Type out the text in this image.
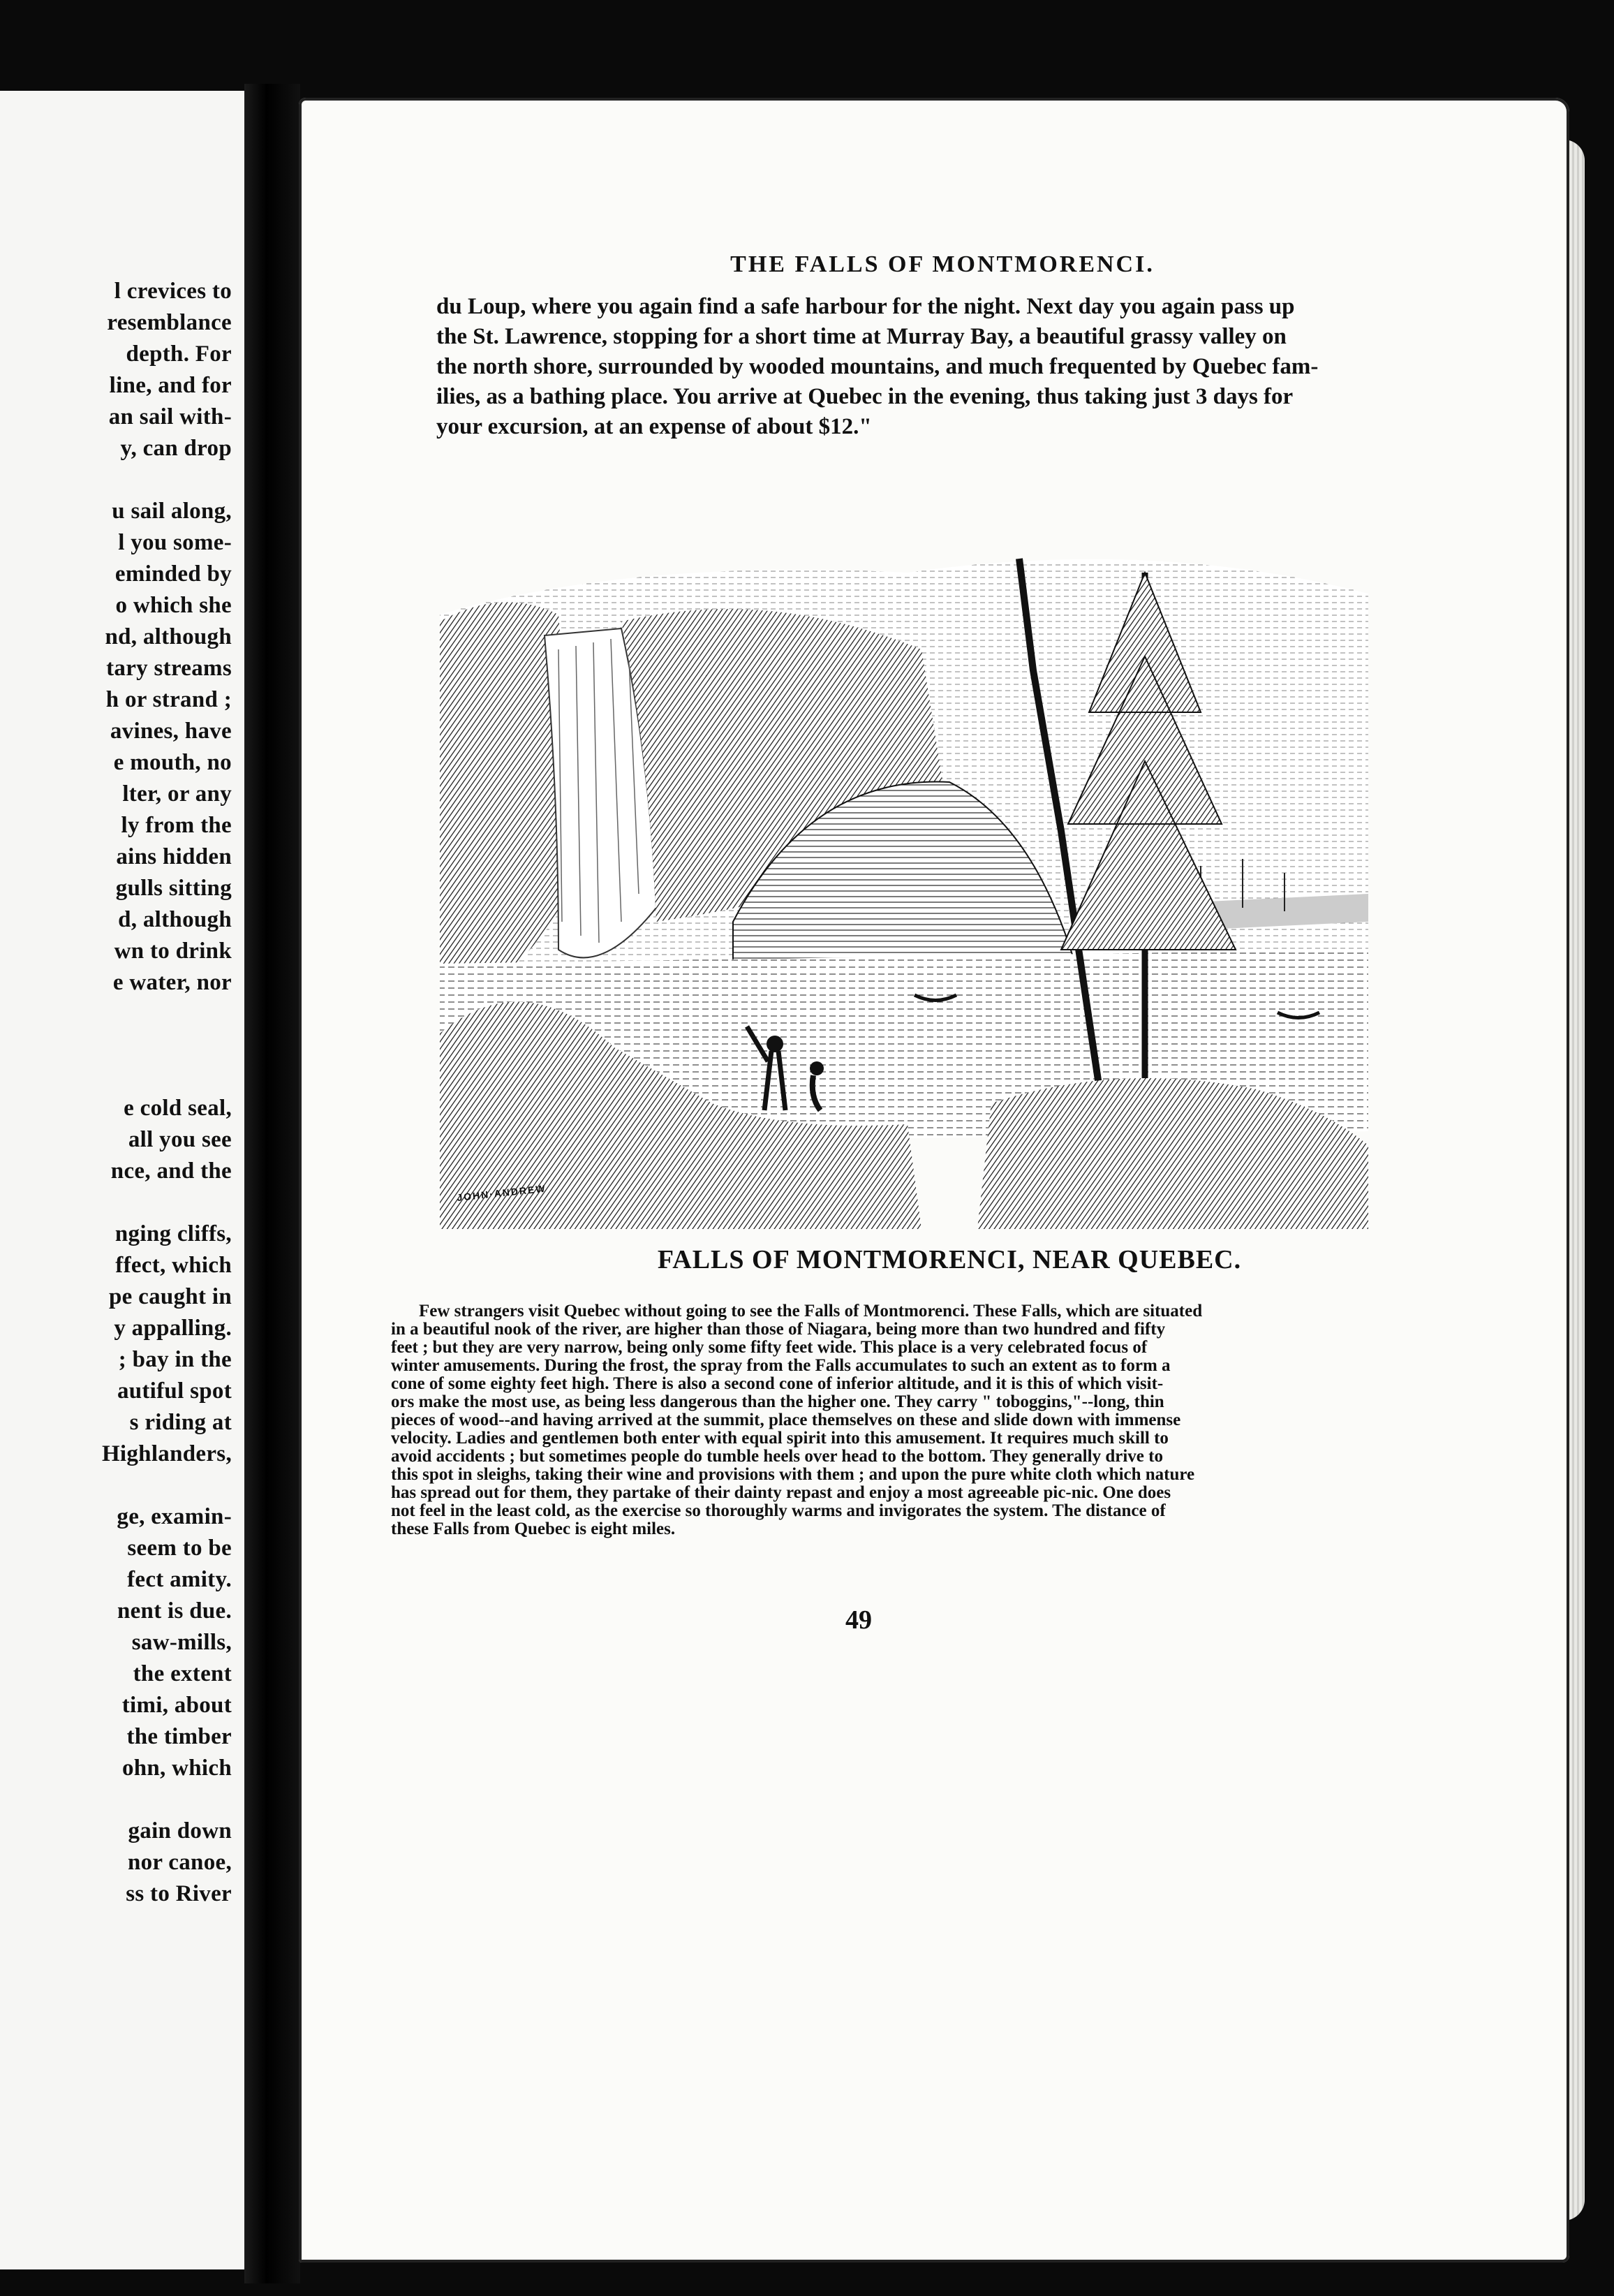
l crevices to
resemblance
depth. For
line, and for
an sail with-
y, can drop
u sail along,
l you some-
eminded by
o which she
nd, although
tary streams
h or strand ;
avines, have
e mouth, no
lter, or any
ly from the
ains hidden
gulls sitting
d, although
wn to drink
e water, nor
e cold seal,
all you see
nce, and the
nging cliffs,
ffect, which
pe caught in
y appalling.
; bay in the
autiful spot
s riding at
Highlanders,
ge, examin-
seem to be
fect amity.
nent is due.
saw-mills,
the extent
timi, about
the timber
ohn, which
gain down
nor canoe,
ss to River
THE FALLS OF MONTMORENCI.
du Loup, where you again find a safe harbour for the night. Next day you again pass up
the St. Lawrence, stopping for a short time at Murray Bay, a beautiful grassy valley on
the north shore, surrounded by wooded mountains, and much frequented by Quebec fam-
ilies, as a bathing place. You arrive at Quebec in the evening, thus taking just 3 days for
your excursion, at an expense of about $12."
JOHN·ANDREW
FALLS OF MONTMORENCI, NEAR QUEBEC.
Few strangers visit Quebec without going to see the Falls of Montmorenci. These Falls, which are situated
in a beautiful nook of the river, are higher than those of Niagara, being more than two hundred and fifty
feet ; but they are very narrow, being only some fifty feet wide. This place is a very celebrated focus of
winter amusements. During the frost, the spray from the Falls accumulates to such an extent as to form a
cone of some eighty feet high. There is also a second cone of inferior altitude, and it is this of which visit-
ors make the most use, as being less dangerous than the higher one. They carry " toboggins,"--long, thin
pieces of wood--and having arrived at the summit, place themselves on these and slide down with immense
velocity. Ladies and gentlemen both enter with equal spirit into this amusement. It requires much skill to
avoid accidents ; but sometimes people do tumble heels over head to the bottom. They generally drive to
this spot in sleighs, taking their wine and provisions with them ; and upon the pure white cloth which nature
has spread out for them, they partake of their dainty repast and enjoy a most agreeable pic-nic. One does
not feel in the least cold, as the exercise so thoroughly warms and invigorates the system. The distance of
these Falls from Quebec is eight miles.
49
